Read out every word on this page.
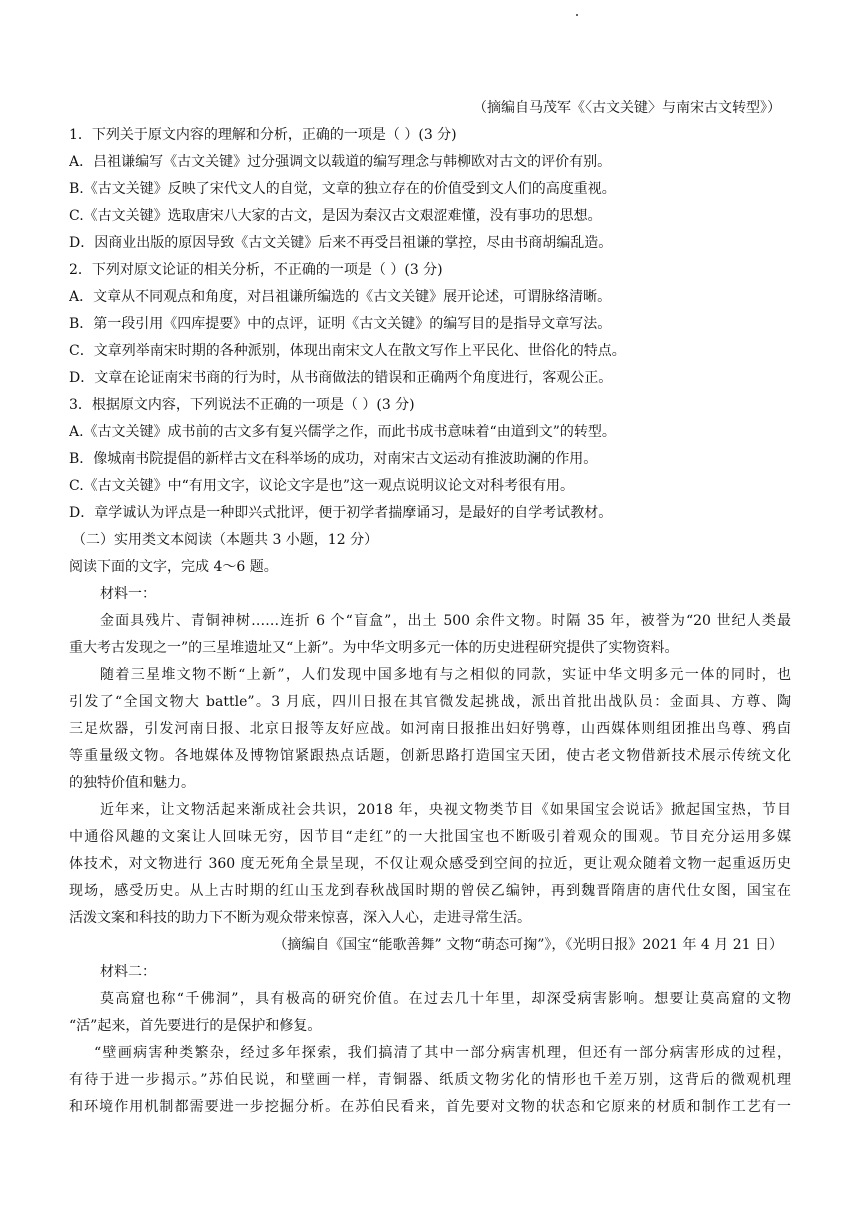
（摘编自马茂军《〈古文关键〉与南宋古文转型》）
1．下列关于原文内容的理解和分析，正确的一项是（ ）(3 分)
A．吕祖谦编写《古文关键》过分强调文以载道的编写理念与韩柳欧对古文的评价有别。
B.《古文关键》反映了宋代文人的自觉，文章的独立存在的价值受到文人们的高度重视。
C.《古文关键》选取唐宋八大家的古文，是因为秦汉古文艰涩难懂，没有事功的思想。
D．因商业出版的原因导致《古文关键》后来不再受吕祖谦的掌控，尽由书商胡编乱造。
2．下列对原文论证的相关分析，不正确的一项是（ ）(3 分)
A．文章从不同观点和角度，对吕祖谦所编选的《古文关键》展开论述，可谓脉络清晰。
B．第一段引用《四库提要》中的点评，证明《古文关键》的编写目的是指导文章写法。
C．文章列举南宋时期的各种派别，体现出南宋文人在散文写作上平民化、世俗化的特点。
D．文章在论证南宋书商的行为时，从书商做法的错误和正确两个角度进行，客观公正。
3．根据原文内容，下列说法不正确的一项是（ ）(3 分)
A.《古文关键》成书前的古文多有复兴儒学之作，而此书成书意味着“由道到文”的转型。
B．像城南书院提倡的新样古文在科举场的成功，对南宋古文运动有推波助澜的作用。
C.《古文关键》中“有用文字，议论文字是也”这一观点说明议论文对科考很有用。
D．章学诚认为评点是一种即兴式批评，便于初学者揣摩诵习，是最好的自学考试教材。
（二）实用类文本阅读（本题共 3 小题，12 分）
阅读下面的文字，完成 4～6 题。
材料一：
金面具残片、青铜神树……连折 6 个“盲盒”，出土 500 余件文物。时隔 35 年，被誉为“20 世纪人类最
重大考古发现之一”的三星堆遗址又“上新”。为中华文明多元一体的历史进程研究提供了实物资料。
随着三星堆文物不断“上新”，人们发现中国多地有与之相似的同款，实证中华文明多元一体的同时，也
引发了“全国文物大 battle”。3 月底，四川日报在其官微发起挑战，派出首批出战队员：金面具、方尊、陶
三足炊器，引发河南日报、北京日报等友好应战。如河南日报推出妇好鸮尊，山西媒体则组团推出鸟尊、鸦卣
等重量级文物。各地媒体及博物馆紧跟热点话题，创新思路打造国宝天团，使古老文物借新技术展示传统文化
的独特价值和魅力。
近年来，让文物活起来渐成社会共识，2018 年，央视文物类节目《如果国宝会说话》掀起国宝热，节目
中通俗风趣的文案让人回味无穷，因节目“走红”的一大批国宝也不断吸引着观众的围观。节目充分运用多媒
体技术，对文物进行 360 度无死角全景呈现，不仅让观众感受到空间的拉近，更让观众随着文物一起重返历史
现场，感受历史。从上古时期的红山玉龙到春秋战国时期的曾侯乙编钟，再到魏晋隋唐的唐代仕女图，国宝在
活泼文案和科技的助力下不断为观众带来惊喜，深入人心，走进寻常生活。
（摘编自《国宝“能歌善舞” 文物“萌态可掬”》，《光明日报》2021 年 4 月 21 日）
材料二：
莫高窟也称“千佛洞”，具有极高的研究价值。在过去几十年里，却深受病害影响。想要让莫高窟的文物
“活”起来，首先要进行的是保护和修复。
“壁画病害种类繁杂，经过多年探索，我们搞清了其中一部分病害机理，但还有一部分病害形成的过程，
有待于进一步揭示。”苏伯民说，和壁画一样，青铜器、纸质文物劣化的情形也千差万别，这背后的微观机理
和环境作用机制都需要进一步挖掘分析。在苏伯民看来，首先要对文物的状态和它原来的材质和制作工艺有一
